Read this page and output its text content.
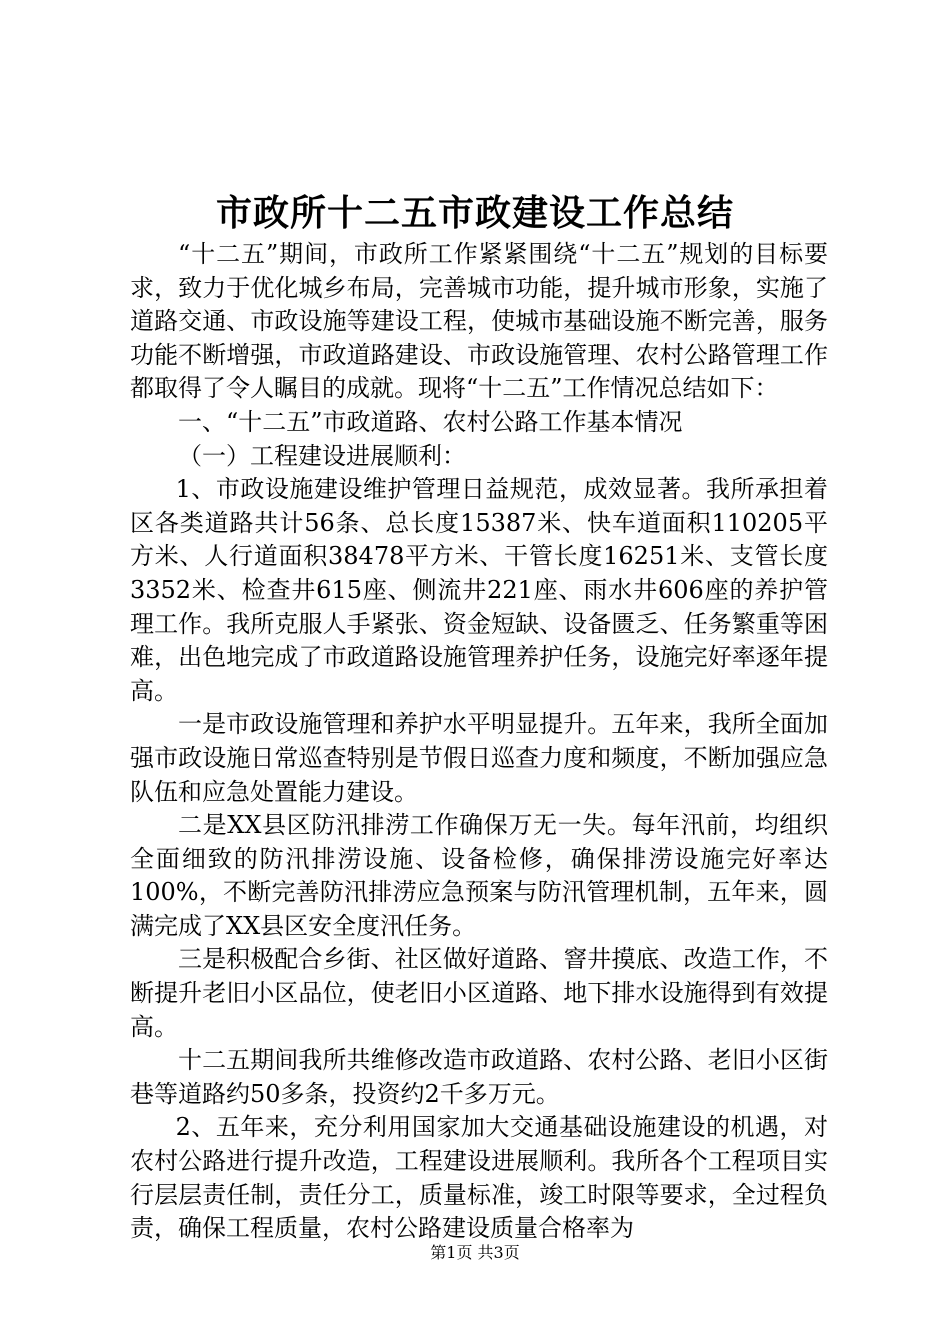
市政所十二五市政建设工作总结

“十二五”期间，市政所工作紧紧围绕“十二五”规划的目标要求，致力于优化城乡布局，完善城市功能，提升城市形象，实施了道路交通、市政设施等建设工程，使城市基础设施不断完善，服务功能不断增强，市政道路建设、市政设施管理、农村公路管理工作都取得了令人瞩目的成就。现将“十二五”工作情况总结如下：

一、“十二五”市政道路、农村公路工作基本情况

（一）工程建设进展顺利：

1、市政设施建设维护管理日益规范，成效显著。我所承担着区各类道路共计56条、总长度15387米、快车道面积110205平方米、人行道面积38478平方米、干管长度16251米、支管长度3352米、检查井615座、侧流井221座、雨水井606座的养护管理工作。我所克服人手紧张、资金短缺、设备匮乏、任务繁重等困难，出色地完成了市政道路设施管理养护任务，设施完好率逐年提高。

一是市政设施管理和养护水平明显提升。五年来，我所全面加强市政设施日常巡查特别是节假日巡查力度和频度，不断加强应急队伍和应急处置能力建设。

二是XX县区防汛排涝工作确保万无一失。每年汛前，均组织全面细致的防汛排涝设施、设备检修，确保排涝设施完好率达100%，不断完善防汛排涝应急预案与防汛管理机制，五年来，圆满完成了XX县区安全度汛任务。

三是积极配合乡街、社区做好道路、窨井摸底、改造工作，不断提升老旧小区品位，使老旧小区道路、地下排水设施得到有效提高。

十二五期间我所共维修改造市政道路、农村公路、老旧小区街巷等道路约50多条，投资约2千多万元。

2、五年来，充分利用国家加大交通基础设施建设的机遇，对农村公路进行提升改造，工程建设进展顺利。我所各个工程项目实行层层责任制，责任分工，质量标准，竣工时限等要求，全过程负责，确保工程质量，农村公路建设质量合格率为

第1页 共3页
